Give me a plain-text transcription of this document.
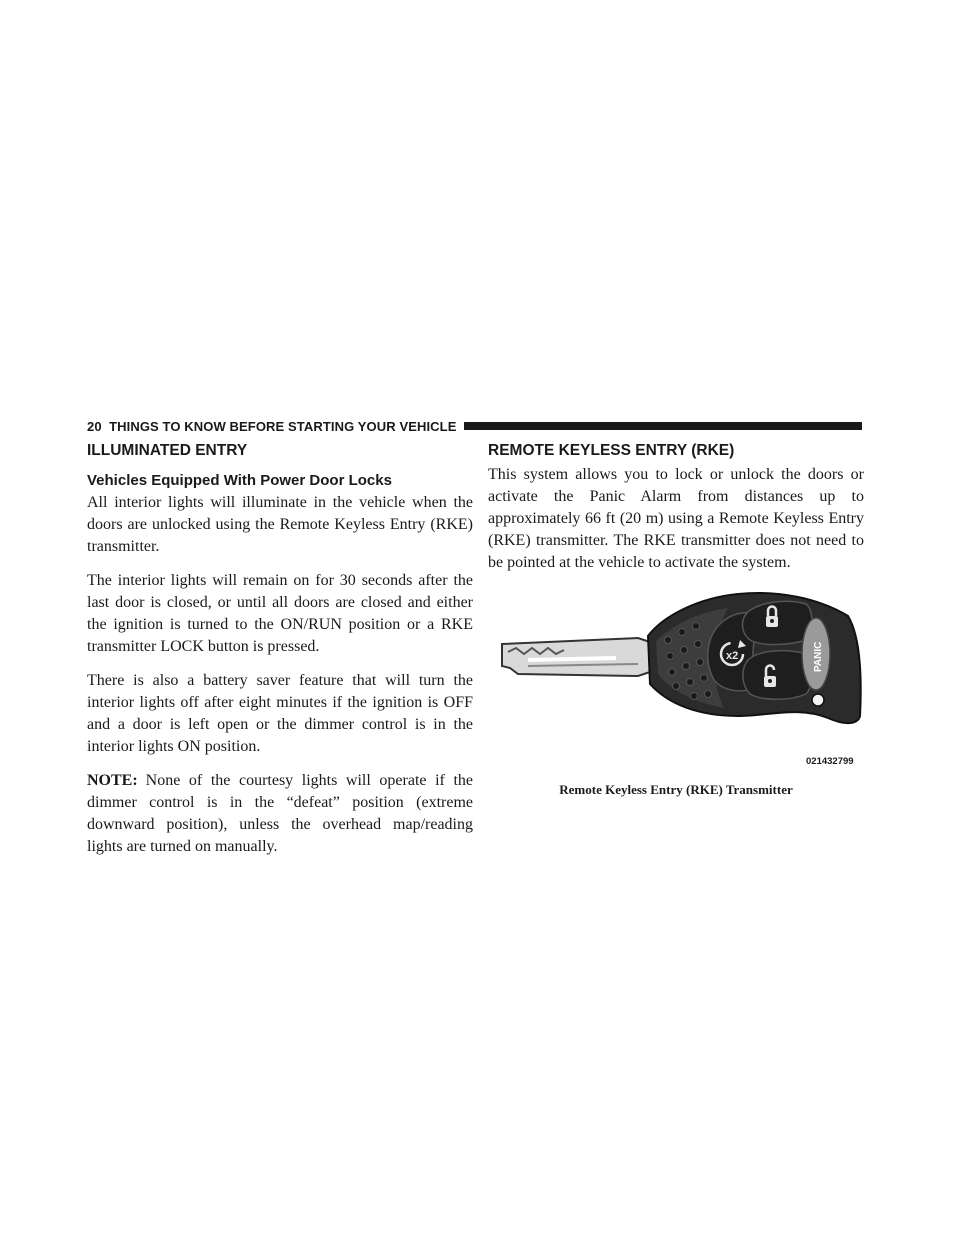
20 THINGS TO KNOW BEFORE STARTING YOUR VEHICLE
ILLUMINATED ENTRY
Vehicles Equipped With Power Door Locks

All interior lights will illuminate in the vehicle when the doors are unlocked using the Remote Keyless Entry (RKE) transmitter.

The interior lights will remain on for 30 seconds after the last door is closed, or until all doors are closed and either the ignition is turned to the ON/RUN position or a RKE transmitter LOCK button is pressed.

There is also a battery saver feature that will turn the interior lights off after eight minutes if the ignition is OFF and a door is left open or the dimmer control is in the interior lights ON position.

NOTE: None of the courtesy lights will operate if the dimmer control is in the “defeat” position (extreme downward position), unless the overhead map/reading lights are turned on manually.

REMOTE KEYLESS ENTRY (RKE)

This system allows you to lock or unlock the doors or activate the Panic Alarm from distances up to approximately 66 ft (20 m) using a Remote Keyless Entry (RKE) transmitter. The RKE transmitter does not need to be pointed at the vehicle to activate the system.

x2	PANIC
021432799
Remote Keyless Entry (RKE) Transmitter
